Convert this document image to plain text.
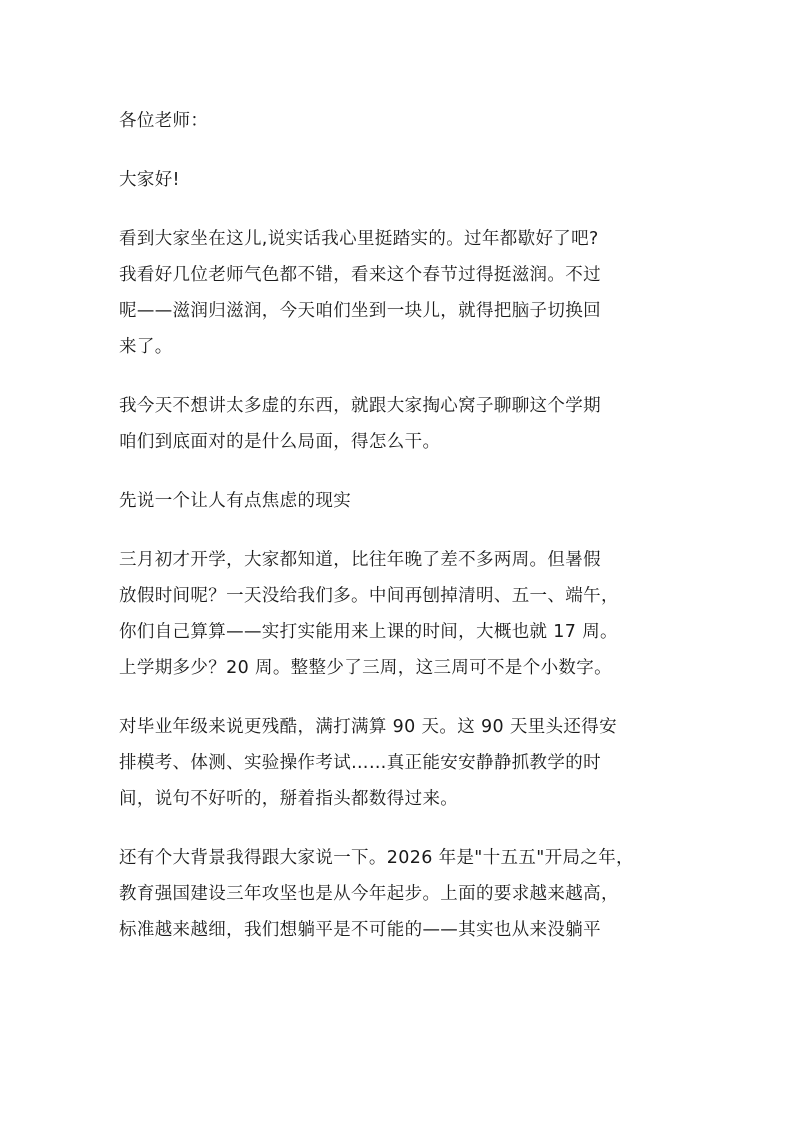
各位老师：

大家好!

看到大家坐在这儿,说实话我心里挺踏实的。过年都歇好了吧?
我看好几位老师气色都不错，看来这个春节过得挺滋润。不过
呢——滋润归滋润，今天咱们坐到一块儿，就得把脑子切换回
来了。

我今天不想讲太多虚的东西，就跟大家掏心窝子聊聊这个学期
咱们到底面对的是什么局面，得怎么干。

先说一个让人有点焦虑的现实

三月初才开学，大家都知道，比往年晚了差不多两周。但暑假
放假时间呢？一天没给我们多。中间再刨掉清明、五一、端午，
你们自己算算——实打实能用来上课的时间，大概也就 17 周。
上学期多少？20 周。整整少了三周，这三周可不是个小数字。

对毕业年级来说更残酷，满打满算 90 天。这 90 天里头还得安
排模考、体测、实验操作考试……真正能安安静静抓教学的时
间，说句不好听的，掰着指头都数得过来。

还有个大背景我得跟大家说一下。2026 年是"十五五"开局之年，
教育强国建设三年攻坚也是从今年起步。上面的要求越来越高，
标准越来越细，我们想躺平是不可能的——其实也从来没躺平
